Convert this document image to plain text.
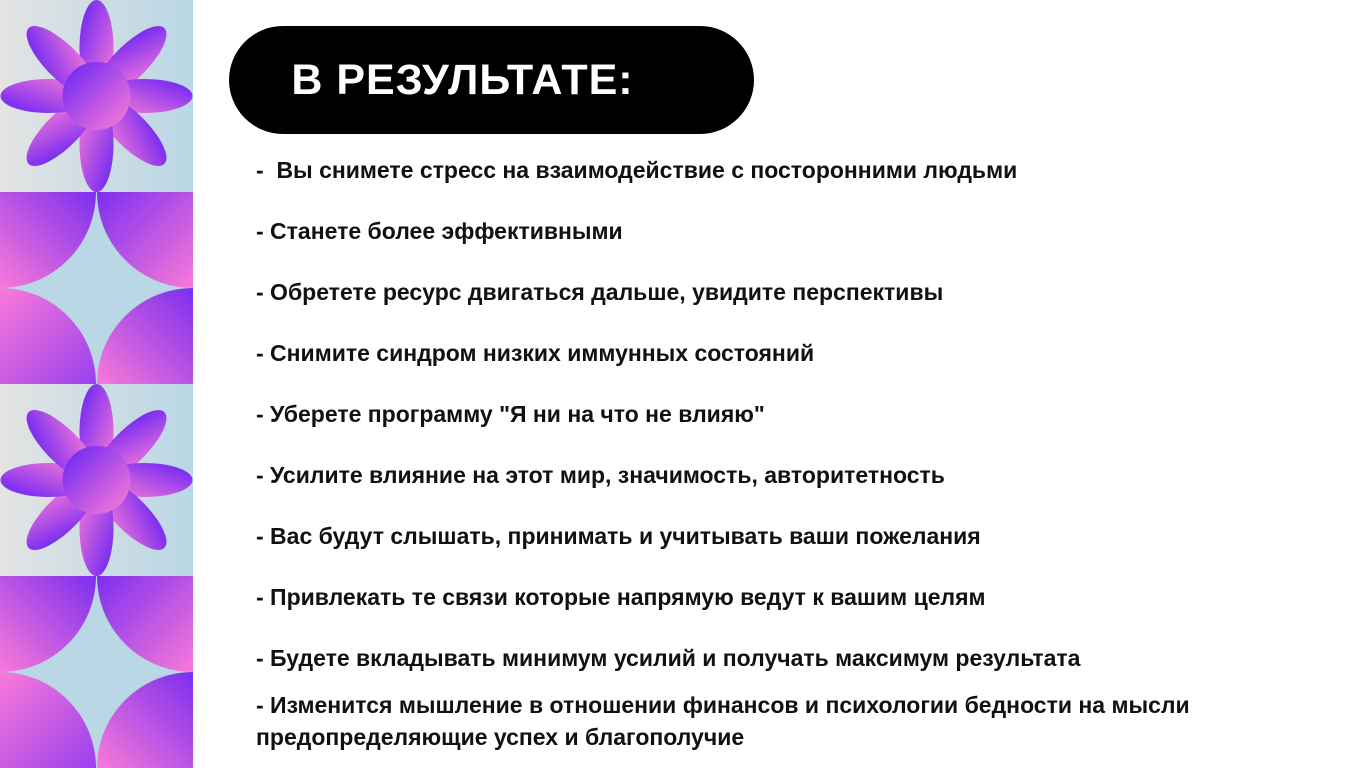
В РЕЗУЛЬТАТЕ:
-  Вы снимете стресс на взаимодействие с посторонними людьми
- Станете более эффективными
- Обретете ресурс двигаться дальше, увидите перспективы
- Снимите синдром низких иммунных состояний
- Уберете программу "Я ни на что не влияю"
- Усилите влияние на этот мир, значимость, авторитетность
- Вас будут слышать, принимать и учитывать ваши пожелания
- Привлекать те связи которые напрямую ведут к вашим целям
- Будете вкладывать минимум усилий и получать максимум результата
- Изменится мышление в отношении финансов и психологии бедности на мысли предопределяющие успех и благополучие
